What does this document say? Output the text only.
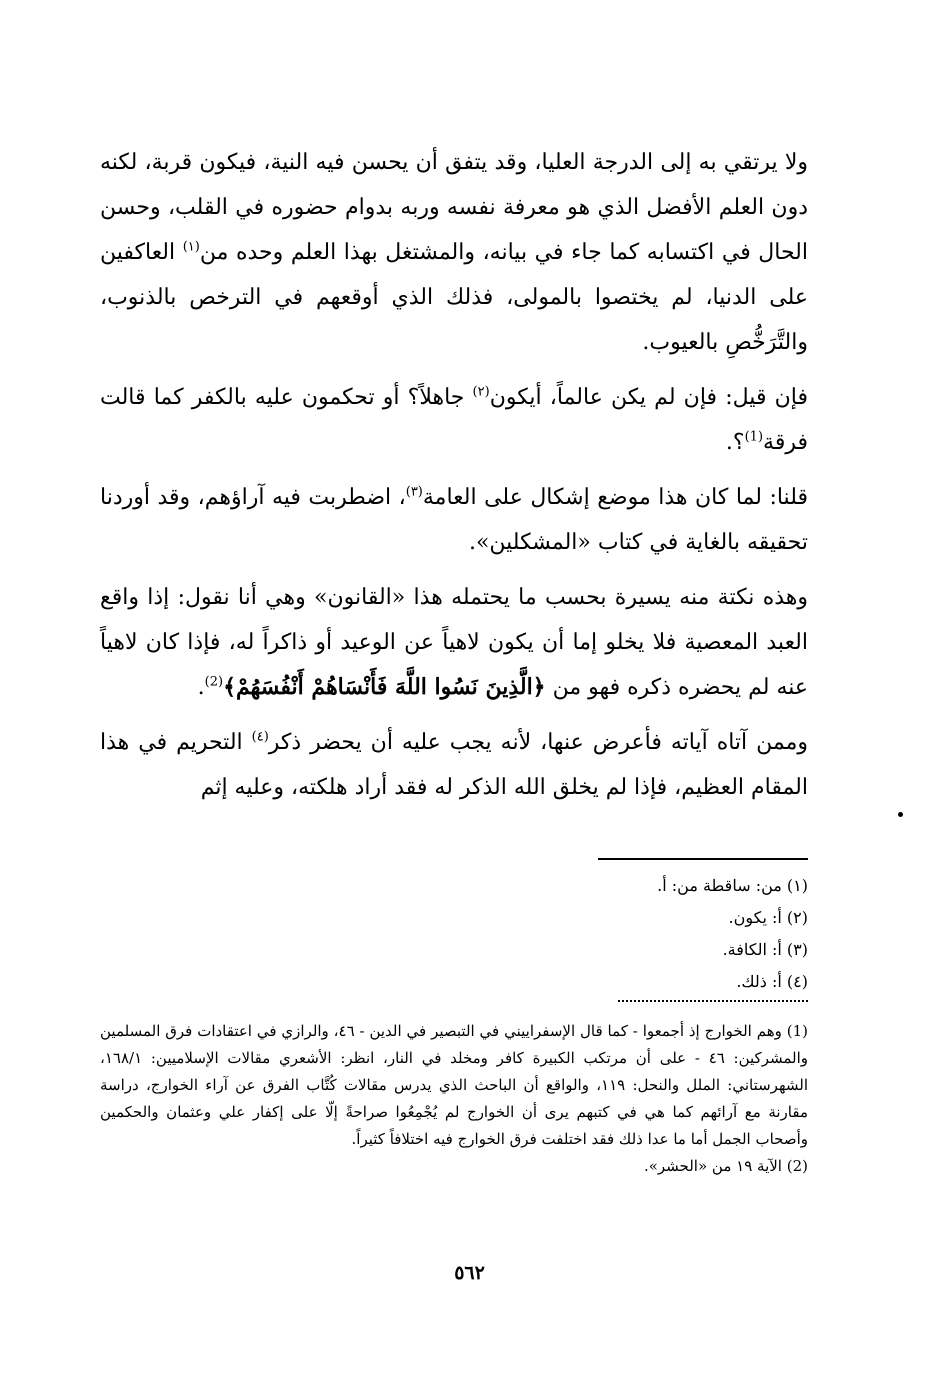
ولا يرتقي به إلى الدرجة العليا، وقد يتفق أن يحسن فيه النية، فيكون قربة، لكنه دون العلم الأفضل الذي هو معرفة نفسه وربه بدوام حضوره في القلب، وحسن الحال في اكتسابه كما جاء في بيانه، والمشتغل بهذا العلم وحده من$^{(١)}$ العاكفين على الدنيا، لم يختصوا بالمولى، فذلك الذي أوقعهم في الترخص بالذنوب، والتَّرَخُّصِ بالعيوب.

فإن قيل: فإن لم يكن عالماً، أيكون$^{(٢)}$ جاهلاً؟ أو تحكمون عليه بالكفر كما قالت فرقة$^{(1)}$؟.

قلنا: لما كان هذا موضع إشكال على العامة$^{(٣)}$، اضطربت فيه آراؤهم، وقد أوردنا تحقيقه بالغاية في كتاب «المشكلين».

وهذه نكتة منه يسيرة بحسب ما يحتمله هذا «القانون» وهي أنا نقول: إذا واقع العبد المعصية فلا يخلو إما أن يكون لاهياً عن الوعيد أو ذاكراً له، فإذا كان لاهياً عنه لم يحضره ذكره فهو من ﴿الَّذِينَ نَسُوا اللَّهَ فَأَنْسَاهُمْ أَنْفُسَهُمْ﴾$^{(2)}$.

وممن آتاه آياته فأعرض عنها، لأنه يجب عليه أن يحضر ذكر$^{(٤)}$ التحريم في هذا المقام العظيم، فإذا لم يخلق الله الذكر له فقد أراد هلكته، وعليه إثم

(١) من: ساقطة من: أ.
(٢) أ: يكون.
(٣) أ: الكافة.
(٤) أ: ذلك.

(1) وهم الخوارج إذ أجمعوا - كما قال الإسفراييني في التبصير في الدين - ٤٦، والرازي في اعتقادات فرق المسلمين والمشركين: ٤٦ - على أن مرتكب الكبيرة كافر ومخلد في النار، انظر: الأشعري مقالات الإسلاميين: ١٦٨/١، الشهرستاني: الملل والنحل: ١١٩، والواقع أن الباحث الذي يدرس مقالات كُتَّاب الفرق عن آراء الخوارج، دراسة مقارنة مع آرائهم كما هي في كتبهم يرى أن الخوارج لم يُجْمِعُوا صراحةً إلّا على إكفار علي وعثمان والحكمين وأصحاب الجمل أما ما عدا ذلك فقد اختلفت فرق الخوارج فيه اختلافاً كثيراً.

(2) الآية ١٩ من «الحشر».

٥٦٢
